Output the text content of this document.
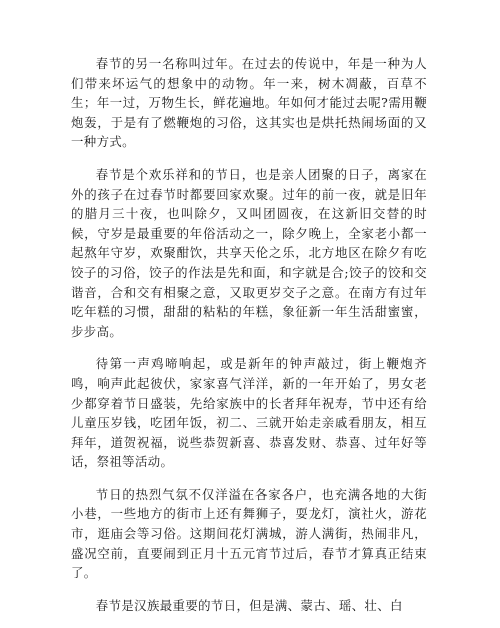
春节的另一名称叫过年。在过去的传说中，年是一种为人们带来坏运气的想象中的动物。年一来，树木凋蔽，百草不生；年一过，万物生长，鲜花遍地。年如何才能过去呢?需用鞭炮轰，于是有了燃鞭炮的习俗，这其实也是烘托热闹场面的又一种方式。

春节是个欢乐祥和的节日，也是亲人团聚的日子，离家在外的孩子在过春节时都要回家欢聚。过年的前一夜，就是旧年的腊月三十夜，也叫除夕，又叫团圆夜，在这新旧交替的时候，守岁是最重要的年俗活动之一，除夕晚上，全家老小都一起熬年守岁，欢聚酣饮，共享天伦之乐，北方地区在除夕有吃饺子的习俗，饺子的作法是先和面，和字就是合;饺子的饺和交谐音，合和交有相聚之意，又取更岁交子之意。在南方有过年吃年糕的习惯，甜甜的粘粘的年糕，象征新一年生活甜蜜蜜，步步高。

待第一声鸡啼响起，或是新年的钟声敲过，街上鞭炮齐鸣，响声此起彼伏，家家喜气洋洋，新的一年开始了，男女老少都穿着节日盛装，先给家族中的长者拜年祝寿，节中还有给儿童压岁钱，吃团年饭，初二、三就开始走亲戚看朋友，相互拜年，道贺祝福，说些恭贺新喜、恭喜发财、恭喜、过年好等话，祭祖等活动。

节日的热烈气氛不仅洋溢在各家各户，也充满各地的大街小巷，一些地方的街市上还有舞狮子，耍龙灯，演社火，游花市，逛庙会等习俗。这期间花灯满城，游人满街，热闹非凡，盛况空前，直要闹到正月十五元宵节过后，春节才算真正结束了。

春节是汉族最重要的节日，但是满、蒙古、瑶、壮、白
